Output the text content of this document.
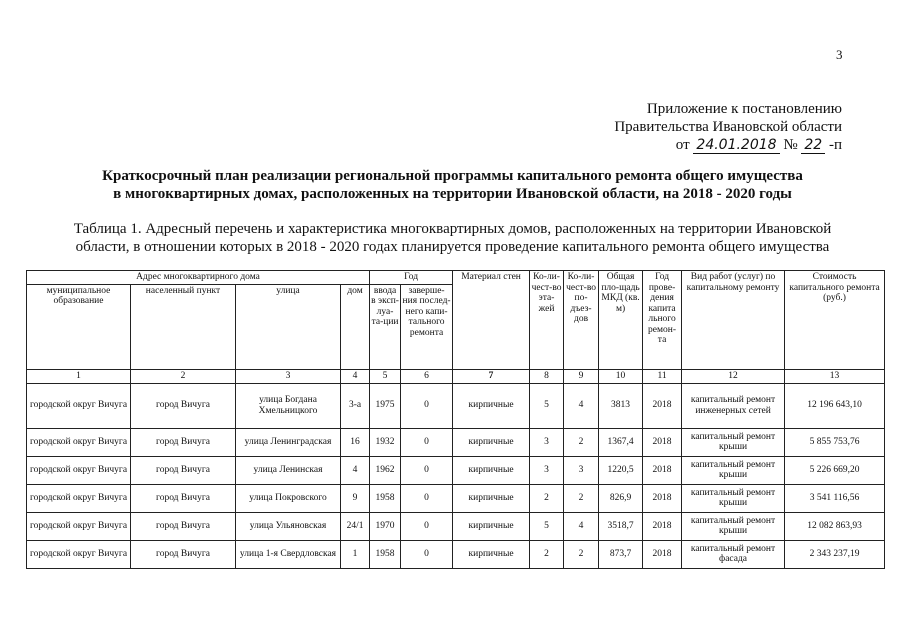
3
Приложение к постановлению
Правительства Ивановской области
от 24.01.2018 № 22 -п
Краткосрочный план реализации региональной программы капитального ремонта общего имущества
в многоквартирных домах, расположенных на территории Ивановской области, на 2018 - 2020 годы
Таблица 1. Адресный перечень и характеристика многоквартирных домов, расположенных на территории Ивановской
области, в отношении которых в 2018 - 2020 годах планируется проведение капитального ремонта общего имущества
Адрес многоквартирного дома				Год		Материал стен	Ко-ли-чест-во эта-жей	Ко-ли-чест-во по-дъез-дов	Общая пло-щадь МКД (кв. м)	Год прове-дения капита льного ремон-та	Вид работ (услуг) по капитальному ремонту	Стоимость капитального ремонта (руб.)
муниципальное образование	населенный пункт	улица	дом	ввода в эксп-луа-та-ции	заверше-ния послед-него капи-тального ремонта							
1	2	3	4	5	6	7	8	9	10	11	12	13
городской округ Вичуга	город Вичуга	улица Богдана Хмельницкого	3-а	1975	0	кирпичные	5	4	3813	2018	капитальный ремонт инженерных сетей	12 196 643,10
городской округ Вичуга	город Вичуга	улица Ленинградская	16	1932	0	кирпичные	3	2	1367,4	2018	капитальный ремонт крыши	5 855 753,76
городской округ Вичуга	город Вичуга	улица Ленинская	4	1962	0	кирпичные	3	3	1220,5	2018	капитальный ремонт крыши	5 226 669,20
городской округ Вичуга	город Вичуга	улица Покровского	9	1958	0	кирпичные	2	2	826,9	2018	капитальный ремонт крыши	3 541 116,56
городской округ Вичуга	город Вичуга	улица Ульяновская	24/1	1970	0	кирпичные	5	4	3518,7	2018	капитальный ремонт крыши	12 082 863,93
городской округ Вичуга	город Вичуга	улица 1-я Свердловская	1	1958	0	кирпичные	2	2	873,7	2018	капитальный ремонт фасада	2 343 237,19
